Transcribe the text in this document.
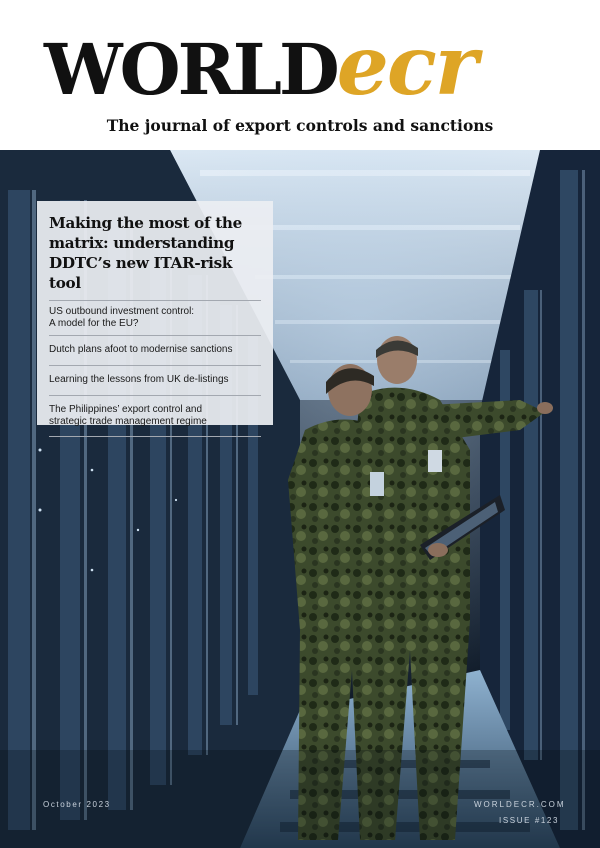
WORLDecr
The journal of export controls and sanctions
October 2023	WORLDECR.COM
ISSUE #123
Making the most of the matrix: understanding DDTC’s new ITAR-risk tool
US outbound investment control:
A model for the EU?
Dutch plans afoot to modernise sanctions
Learning the lessons from UK de-listings
The Philippines’ export control and
strategic trade management regime
